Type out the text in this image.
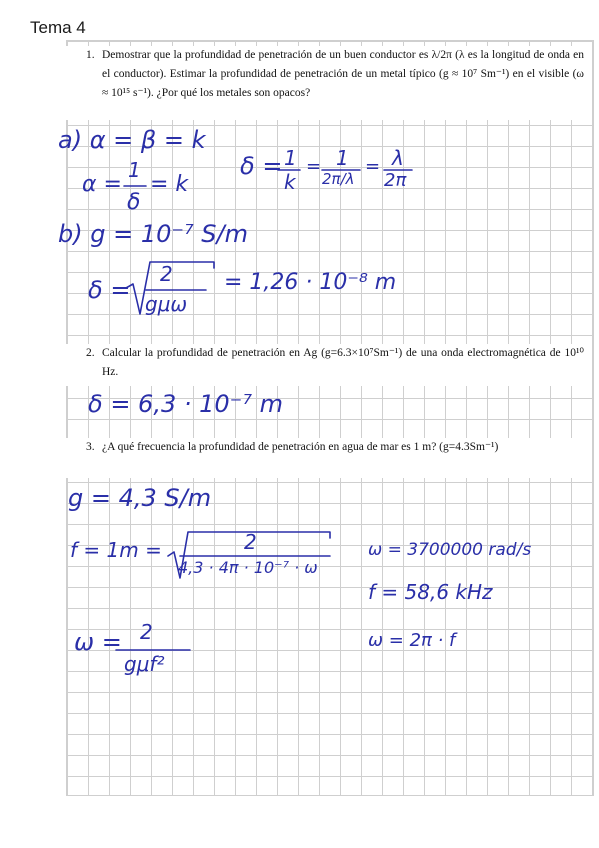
Tema 4
1. Demostrar que la profundidad de penetración de un buen conductor es λ/2π (λ es la longitud de onda en el conductor). Estimar la profundidad de penetración de un metal típico (g ≈ 10⁷ Sm⁻¹) en el visible (ω ≈ 10¹⁵ s⁻¹). ¿Por qué los metales son opacos?
2. Calcular la profundidad de penetración en Ag (g=6.3×10⁷Sm⁻¹) de una onda electromagnética de 10¹⁰ Hz.
3. ¿A qué frecuencia la profundidad de penetración en agua de mar es 1 m? (g=4.3Sm⁻¹)
a) α = β = k
α =
1
δ
= k
δ = 1
k
= 1
2π/λ
= λ
2π
b) g = 10⁻⁷ S/m
δ =
2
gμω
= 1,26 · 10⁻⁸ m
δ = 6,3 · 10⁻⁷ m
g = 4,3 S/m
f = 1m =	2
4,3 · 4π · 10⁻⁷ · ω
ω = 3700000 rad/s
f = 58,6 kHz
ω = 2
gμf²
ω = 2π · f
